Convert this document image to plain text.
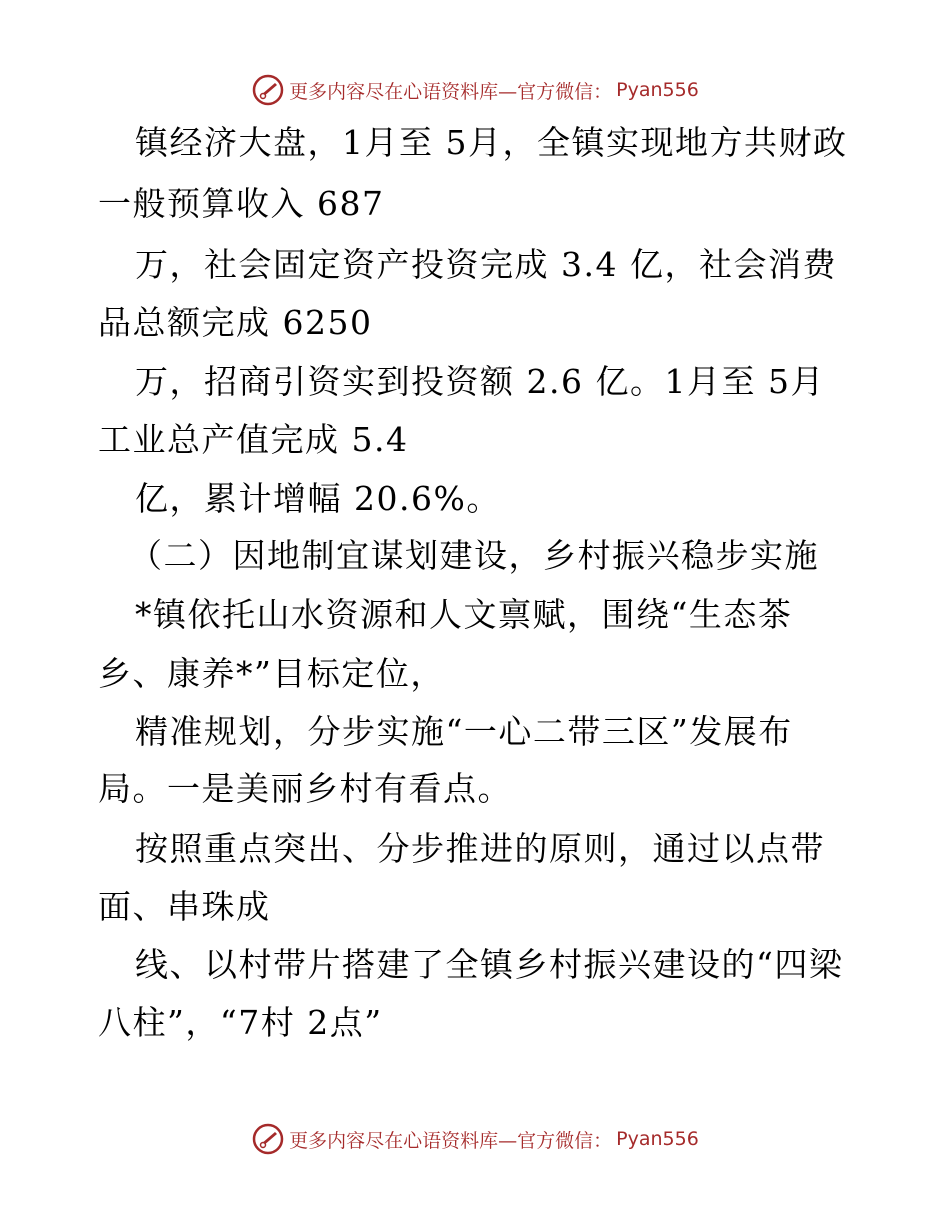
更多内容尽在心语资料库—官方微信： Pyan556
镇经济大盘，1月至 5月，全镇实现地方共财政
一般预算收入 687
万，社会固定资产投资完成 3.4 亿，社会消费
品总额完成 6250
万，招商引资实到投资额 2.6 亿。1月至 5月
工业总产值完成 5.4
亿，累计增幅 20.6%。
（二）因地制宜谋划建设，乡村振兴稳步实施
*镇依托山水资源和人文禀赋，围绕“生态茶
乡、康养*”目标定位，
精准规划，分步实施“一心二带三区”发展布
局。一是美丽乡村有看点。
按照重点突出、分步推进的原则，通过以点带
面、串珠成
线、以村带片搭建了全镇乡村振兴建设的“四梁
八柱”，“7村 2点”
更多内容尽在心语资料库—官方微信： Pyan556
